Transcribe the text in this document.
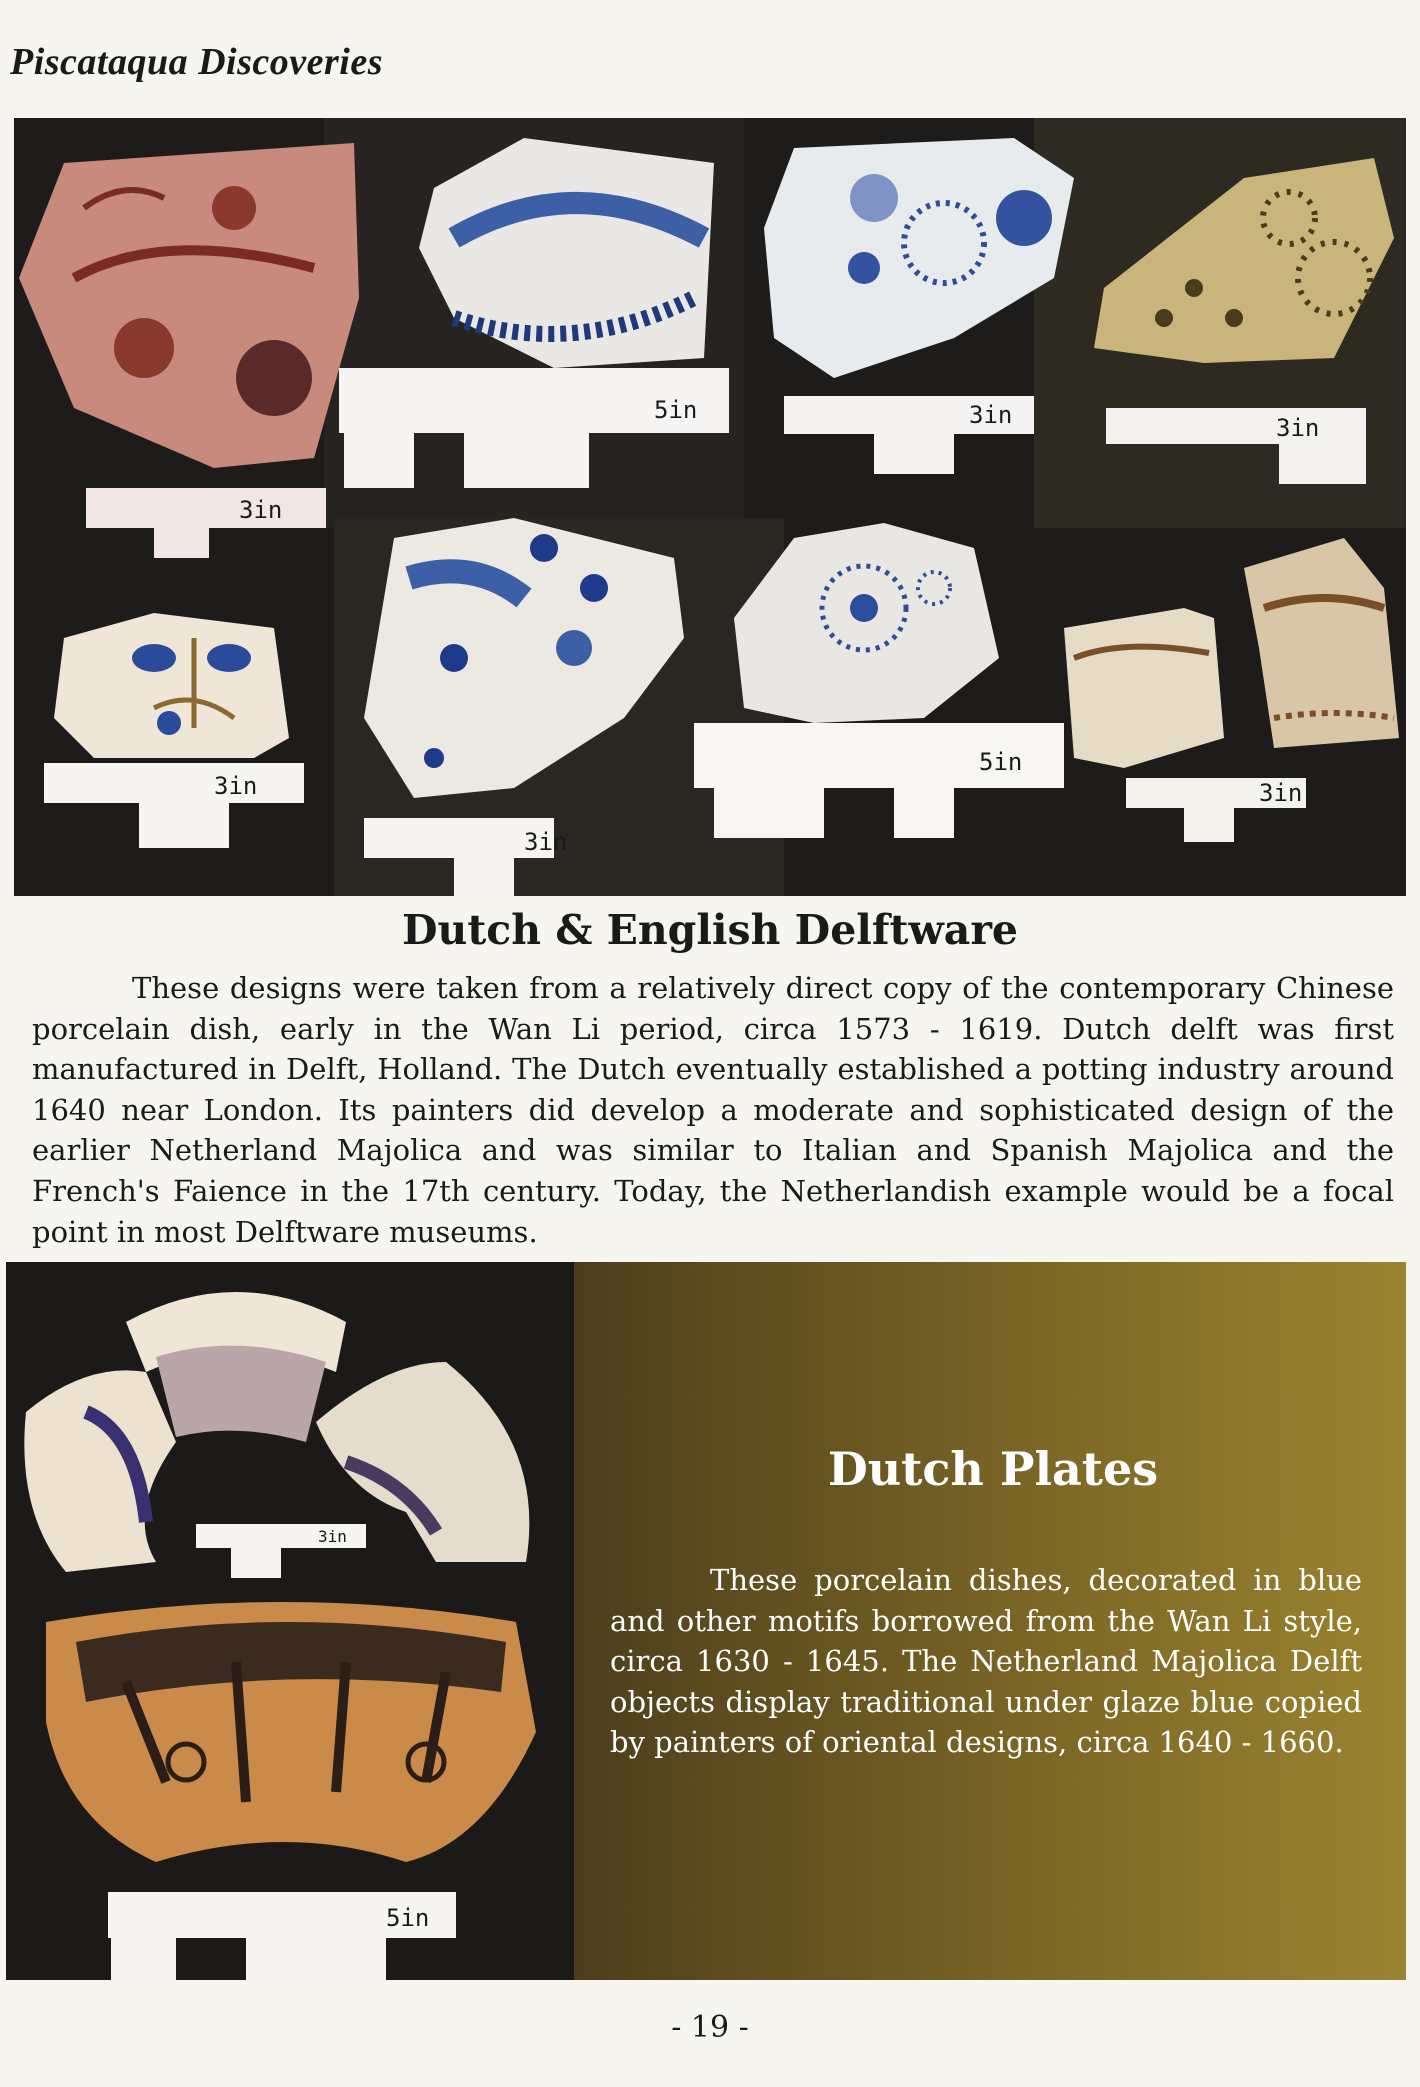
Piscataqua Discoveries
3in
5in	3in	3in
3in
3in
5in
3in
Dutch & English Delftware

These designs were taken from a relatively direct copy of the contemporary Chinese porcelain dish, early in the Wan Li period, circa 1573 - 1619. Dutch delft was first manufactured in Delft, Holland. The Dutch eventually established a potting industry around 1640 near London. Its painters did develop a moderate and sophisticated design of the earlier Netherland Majolica and was similar to Italian and Spanish Majolica and the French's Faience in the 17th century. Today, the Netherlandish example would be a focal point in most Delftware museums.

3in
5in
Dutch Plates

These porcelain dishes, decorated in blue and other motifs borrowed from the Wan Li style, circa 1630 - 1645. The Netherland Majolica Delft objects display traditional under glaze blue copied by painters of oriental designs, circa 1640 - 1660.

- 19 -
